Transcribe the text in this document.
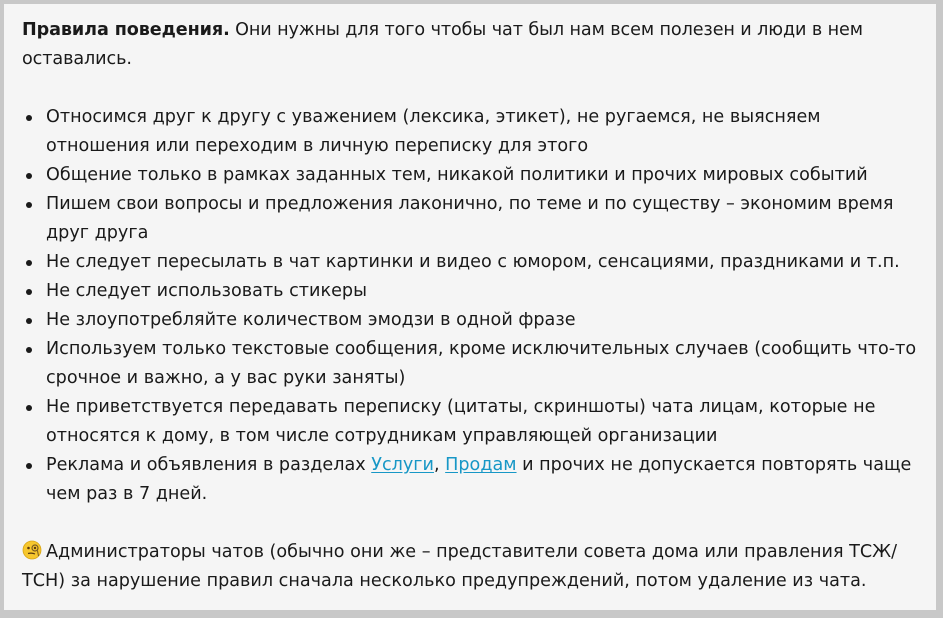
Правила поведения. Они нужны для того чтобы чат был нам всем полезен и люди в нем оставались.

Относимся друг к другу с уважением (лексика, этикет), не ругаемся, не выясняем отношения или переходим в личную переписку для этого
Общение только в рамках заданных тем, никакой политики и прочих мировых событий
Пишем свои вопросы и предложения лаконично, по теме и по существу – экономим время друг друга
Не следует пересылать в чат картинки и видео с юмором, сенсациями, праздниками и т.п.
Не следует использовать стикеры
Не злоупотребляйте количеством эмодзи в одной фразе
Используем только текстовые сообщения, кроме исключительных случаев (сообщить что-то срочное и важно, а у вас руки заняты)
Не приветствуется передавать переписку (цитаты, скриншоты) чата лицам, которые не относятся к дому, в том числе сотрудникам управляющей организации
Реклама и объявления в разделах Услуги, Продам и прочих не допускается повторять чаще чем раз в 7 дней.

Администраторы чатов (обычно они же – представители совета дома или правления ТСЖ/ТСН) за нарушение правил сначала несколько предупреждений, потом удаление из чата.
